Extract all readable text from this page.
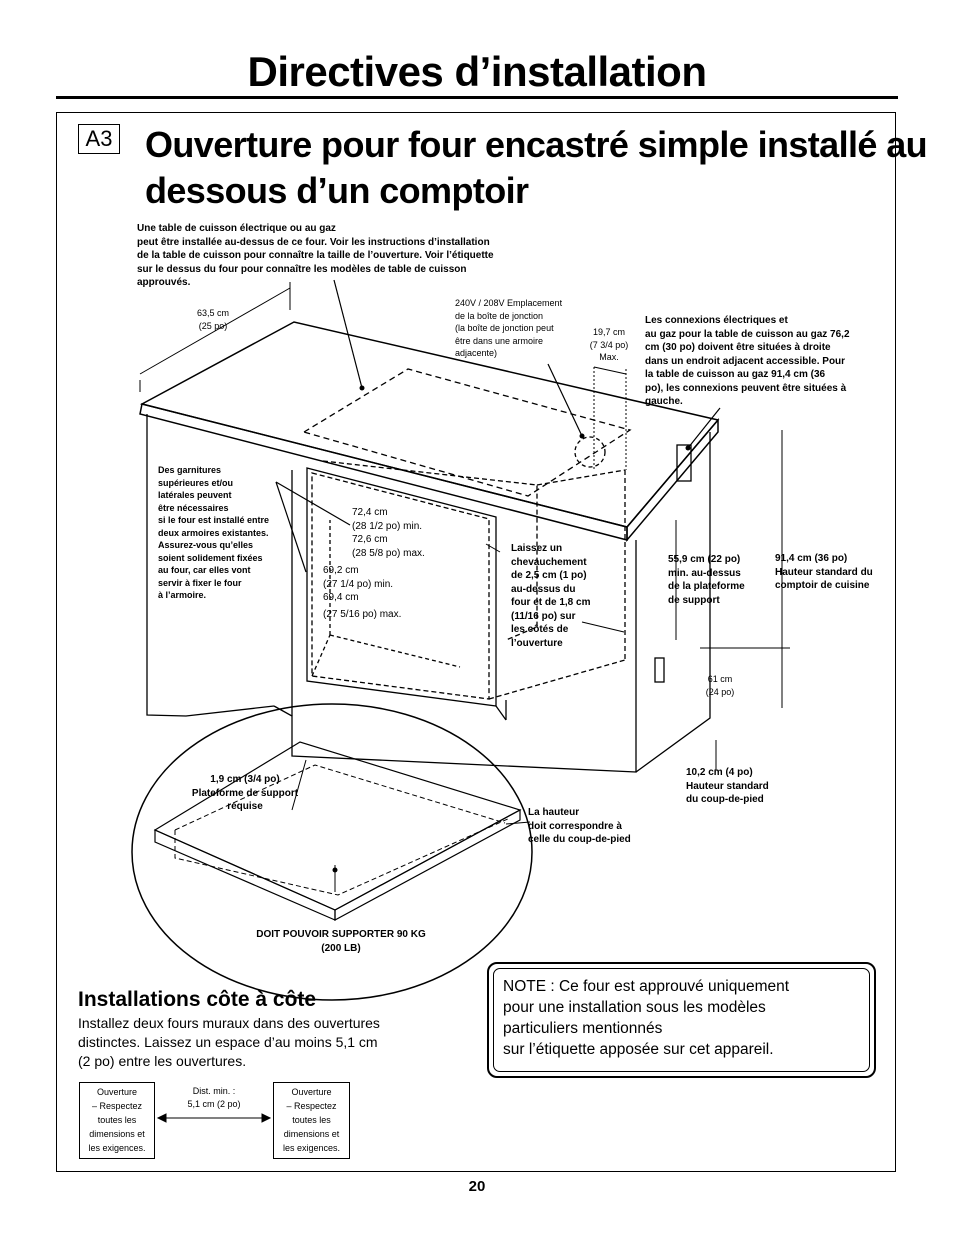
Directives d’installation
A3 Ouverture pour four encastré simple installé au
dessous d’un comptoir
Une table de cuisson électrique ou au gaz
peut être installée au-dessus de ce four. Voir les instructions d’installation
de la table de cuisson pour connaître la taille de l’ouverture. Voir l’étiquette
sur le dessus du four pour connaître les modèles de table de cuisson
approuvés.
63,5 cm
(25 po)
240V / 208V Emplacement
de la boîte de jonction
(la boîte de jonction peut
être dans une armoire
adjacente)
19,7 cm
(7 3/4 po)
Max.
Les connexions électriques et
au gaz pour la table de cuisson au gaz 76,2
cm (30 po) doivent être situées à droite
dans un endroit adjacent accessible. Pour
la table de cuisson au gaz 91,4 cm (36
po), les connexions peuvent être situées à
gauche.
Des garnitures
supérieures et/ou
latérales peuvent
être nécessaires
si le four est installé entre
deux armoires existantes.
Assurez-vous qu’elles
soient solidement fixées
au four, car elles vont
servir à fixer le four
à l’armoire.
72,4 cm
(28 1/2 po) min.
72,6 cm
(28 5/8 po) max.
69,2 cm
(27 1/4 po) min.
69,4 cm
(27 5/16 po) max.
Laissez un
chevauchement
de 2,5 cm (1 po)
au-dessus du
four et de 1,8 cm
(11/16 po) sur
les côtés de
l’ouverture
55,9 cm (22 po)
min. au-dessus
de la plateforme
de support
91,4 cm (36 po)
Hauteur standard du
comptoir de cuisine
61 cm
(24 po)
10,2 cm (4 po)
Hauteur standard
du coup-de-pied
1,9 cm (3/4 po)
Plateforme de support
requise
La hauteur
doit correspondre à
celle du coup-de-pied
DOIT POUVOIR SUPPORTER 90 KG
(200 LB)
Installations côte à côte
Installez deux fours muraux dans des ouvertures
distinctes. Laissez un espace d’au moins 5,1 cm
(2 po) entre les ouvertures.
Ouverture
– Respectez
toutes les
dimensions et
les exigences.
Dist. min. :
5,1 cm (2 po)
Ouverture
– Respectez
toutes les
dimensions et
les exigences.
NOTE : Ce four est approuvé uniquement
pour une installation sous les modèles
particuliers mentionnés
sur l’étiquette apposée sur cet appareil.
20
